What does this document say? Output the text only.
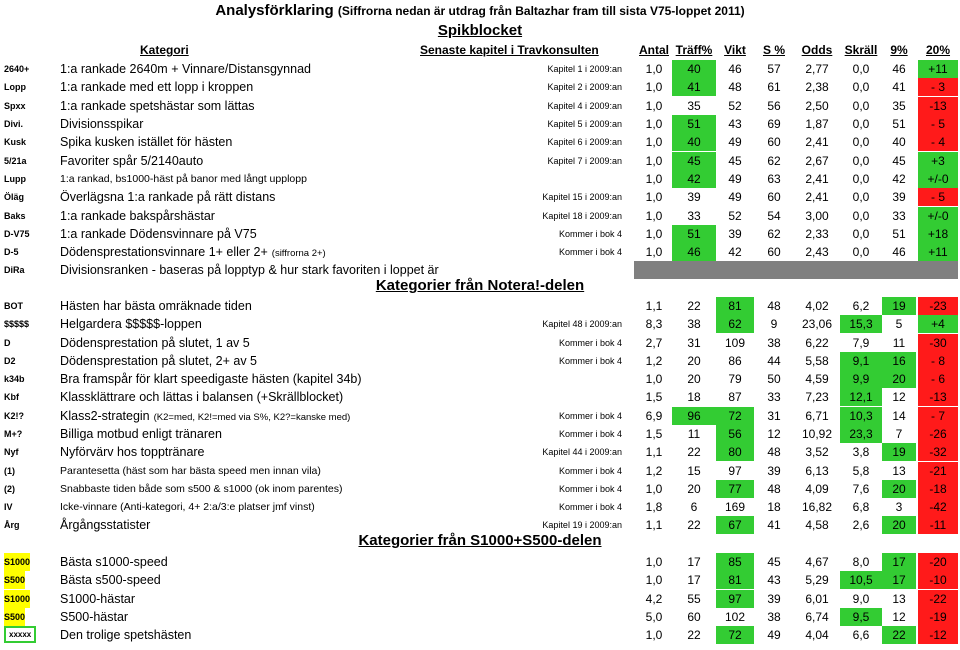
Analysförklaring (Siffrorna nedan är utdrag från Baltazhar fram till sista V75-loppet 2011)
Spikblocket
Kategori	Senaste kapitel i Travkonsulten	Antal Träff% Vikt	S %	Odds	Skräll	9%	20%
Kategorier från Notera!-delen
Kategorier från S1000+S500-delen
2640+ 1:a rankade 2640m + Vinnare/Distansgynnad	Kapitel 1 i 2009:an	1,0	40	46	57	2,77	0,0	46	+11
Lopp	1:a rankade med ett lopp i kroppen	Kapitel 2 i 2009:an	1,0	41	48	61	2,38	0,0	41	- 3
Spxx	1:a rankade spetshästar som lättas	Kapitel 4 i 2009:an	1,0	35	52	56	2,50	0,0	35	-13
Divi.	Divisionsspikar	Kapitel 5 i 2009:an	1,0	51	43	69	1,87	0,0	51	- 5
Kusk	Spika kusken istället för hästen	Kapitel 6 i 2009:an	1,0	40	49	60	2,41	0,0	40	- 4
5/21a	Favoriter spår 5/2140auto	Kapitel 7 i 2009:an	1,0	45	45	62	2,67	0,0	45	+3
Lupp	1:a rankad, bs1000-häst på banor med långt upplopp	1,0	42	49	63	2,41	0,0	42	+/-0
Öläg	Överlägsna 1:a rankade på rätt distans	Kapitel 15 i 2009:an	1,0	39	49	60	2,41	0,0	39	- 5
Baks	1:a rankade bakspårshästar	Kapitel 18 i 2009:an	1,0	33	52	54	3,00	0,0	33	+/-0
D-V75 1:a rankade Dödensvinnare på V75	Kommer i bok 4	1,0	51	39	62	2,33	0,0	51	+18
D-5	Dödensprestationsvinnare 1+ eller 2+ (siffrorna 2+)	Kommer i bok 4	1,0	46	42	60	2,43	0,0	46	+11
DiRa	Divisionsranken - baseras på lopptyp & hur stark favoriten i loppet är
BOT	Hästen har bästa omräknade tiden	1,1	22	81	48	4,02	6,2	19	-23
$$$$$ Helgardera $$$$$-loppen	Kapitel 48 i 2009:an	8,3	38	62	9	23,06	15,3	5	+4
D	Dödensprestation på slutet, 1 av 5	Kommer i bok 4	2,7	31	109	38	6,22	7,9	11	-30
D2	Dödensprestation på slutet, 2+ av 5	Kommer i bok 4	1,2	20	86	44	5,58	9,1	16	- 8
k34b	Bra framspår för klart speedigaste hästen (kapitel 34b)	1,0	20	79	50	4,59	9,9	20	- 6
Kbf	Klassklättrare och lättas i balansen (+Skrällblocket)	1,5	18	87	33	7,23	12,1	12	-13
K2!?	Klass2-strategin (K2=med, K2!=med via S%, K2?=kanske med)	Kommer i bok 4	6,9	96	72	31	6,71	10,3	14	- 7
M+?	Billiga motbud enligt tränaren	Kommer i bok 4	1,5	11	56	12	10,92	23,3	7	-26
Nyf	Nyförvärv hos topptränare	Kapitel 44 i 2009:an	1,1	22	80	48	3,52	3,8	19	-32
(1)	Parantesetta (häst som har bästa speed men innan vila)	Kommer i bok 4	1,2	15	97	39	6,13	5,8	13	-21
(2)	Snabbaste tiden både som s500 & s1000 (ok inom parentes)	Kommer i bok 4	1,0	20	77	48	4,09	7,6	20	-18
IV	Icke-vinnare (Anti-kategori, 4+ 2:a/3:e platser jmf vinst)	Kommer i bok 4	1,8	6	169	18	16,82	6,8	3	-42
Årg	Årgångsstatister	Kapitel 19 i 2009:an	1,1	22	67	41	4,58	2,6	20	-11
S1000 Bästa s1000-speed	1,0	17	85	45	4,67	8,0	17	-20
S500	Bästa s500-speed	1,0	17	81	43	5,29	10,5	17	-10
S1000 S1000-hästar	4,2	55	97	39	6,01	9,0	13	-22
S500	S500-hästar	5,0	60	102	38	6,74	9,5	12	-19
xxxxx	Den trolige spetshästen	1,0	22	72	49	4,04	6,6	22	-12
